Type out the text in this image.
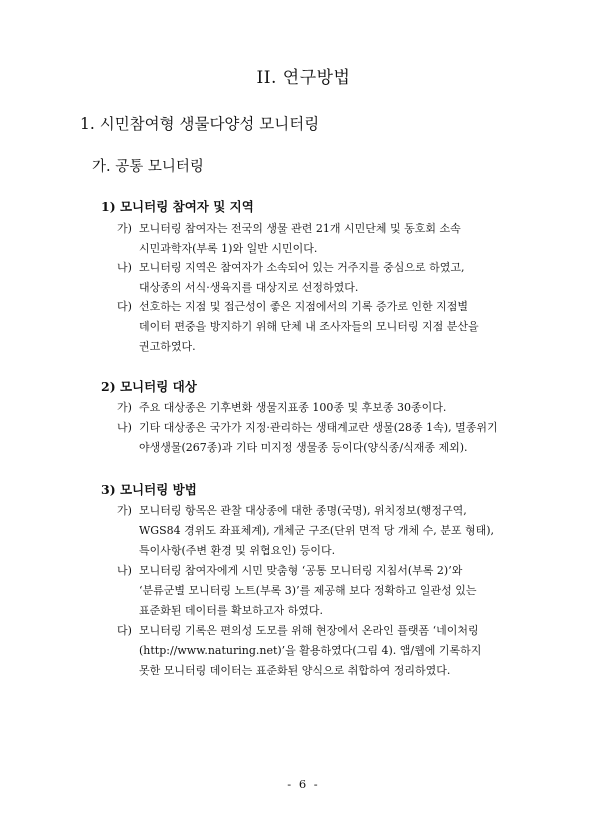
II. 연구방법
1. 시민참여형 생물다양성 모니터링
가. 공통 모니터링
1) 모니터링 참여자 및 지역
가) 모니터링 참여자는 전국의 생물 관련 21개 시민단체 및 동호회 소속
시민과학자(부록 1)와 일반 시민이다.
나) 모니터링 지역은 참여자가 소속되어 있는 거주지를 중심으로 하였고,
대상종의 서식·생육지를 대상지로 선정하였다.
다) 선호하는 지점 및 접근성이 좋은 지점에서의 기록 증가로 인한 지점별
데이터 편중을 방지하기 위해 단체 내 조사자들의 모니터링 지점 분산을
권고하였다.
2) 모니터링 대상
가) 주요 대상종은 기후변화 생물지표종 100종 및 후보종 30종이다.
나) 기타 대상종은 국가가 지정·관리하는 생태계교란 생물(28종 1속), 멸종위기
야생생물(267종)과 기타 미지정 생물종 등이다(양식종/식재종 제외).
3) 모니터링 방법
가) 모니터링 항목은 관찰 대상종에 대한 종명(국명), 위치정보(행정구역,
WGS84 경위도 좌표체계), 개체군 구조(단위 면적 당 개체 수, 분포 형태),
특이사항(주변 환경 및 위협요인) 등이다.
나) 모니터링 참여자에게 시민 맞춤형 ‘공통 모니터링 지침서(부록 2)’와
‘분류군별 모니터링 노트(부록 3)’를 제공해 보다 정확하고 일관성 있는
표준화된 데이터를 확보하고자 하였다.
다) 모니터링 기록은 편의성 도모를 위해 현장에서 온라인 플랫폼 ‘네이처링
(http://www.naturing.net)’을 활용하였다(그림 4). 앱/웹에 기록하지
못한 모니터링 데이터는 표준화된 양식으로 취합하여 정리하였다.
- 6 -
